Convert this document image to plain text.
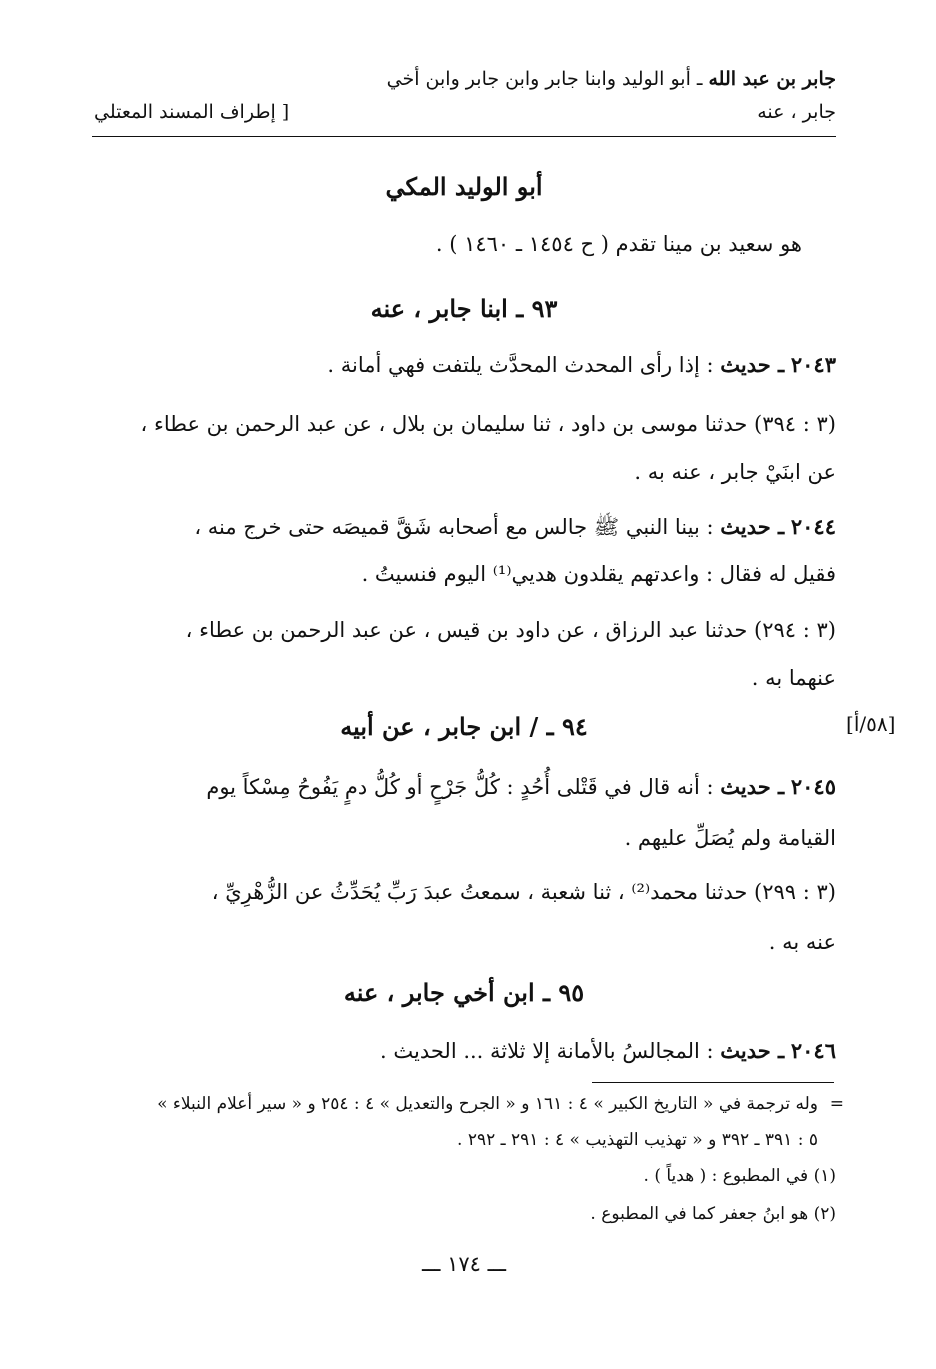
جابر بن عبد الله ـ أبو الوليد وابنا جابر وابن جابر وابن أخي
جابر ، عنه
[ إطراف المسند المعتلي
أبو الوليد المكي
هو سعيد بن مينا تقدم ( ح ١٤٥٤ ـ ١٤٦٠ ) .
٩٣ ـ ابنا جابر ، عنه
٢٠٤٣ ـ حديث : إذا رأى المحدث المحدَّث يلتفت فهي أمانة .
(٣ : ٣٩٤) حدثنا موسى بن داود ، ثنا سليمان بن بلال ، عن عبد الرحمن بن عطاء ،
عن ابنَيْ جابر ، عنه به .
٢٠٤٤ ـ حديث : بينا النبي ﷺ جالس مع أصحابه شَقَّ قميصَه حتى خرج منه ،
فقيل له فقال : واعدتهم يقلدون هديي⁽¹⁾ اليوم فنسيتُ .
(٣ : ٢٩٤) حدثنا عبد الرزاق ، عن داود بن قيس ، عن عبد الرحمن بن عطاء ،
عنهما به .
[٥٨/أ]
٩٤ ـ / ابن جابر ، عن أبيه
٢٠٤٥ ـ حديث : أنه قال في قَتْلى أُحُدٍ : كُلُّ جَرْحٍ أو كُلُّ دمٍ يَفُوحُ مِسْكاً يوم
القيامة ولم يُصَلِّ عليهم .
(٣ : ٢٩٩) حدثنا محمد⁽²⁾ ، ثنا شعبة ، سمعتُ عبدَ رَبِّ يُحَدِّثُ عن الزُّهْرِيِّ ،
عنه به .
٩٥ ـ ابن أخي جابر ، عنه
٢٠٤٦ ـ حديث : المجالسُ بالأمانة إلا ثلاثة ... الحديث .
=
وله ترجمة في « التاريخ الكبير » ٤ : ١٦١ و « الجرح والتعديل » ٤ : ٢٥٤ و « سير أعلام النبلاء »
٥ : ٣٩١ ـ ٣٩٢ و « تهذيب التهذيب » ٤ : ٢٩١ ـ ٢٩٢ .
(١) في المطبوع : ( هدياً ) .
(٢) هو ابنُ جعفر كما في المطبوع .
ـــ ١٧٤ ـــ
